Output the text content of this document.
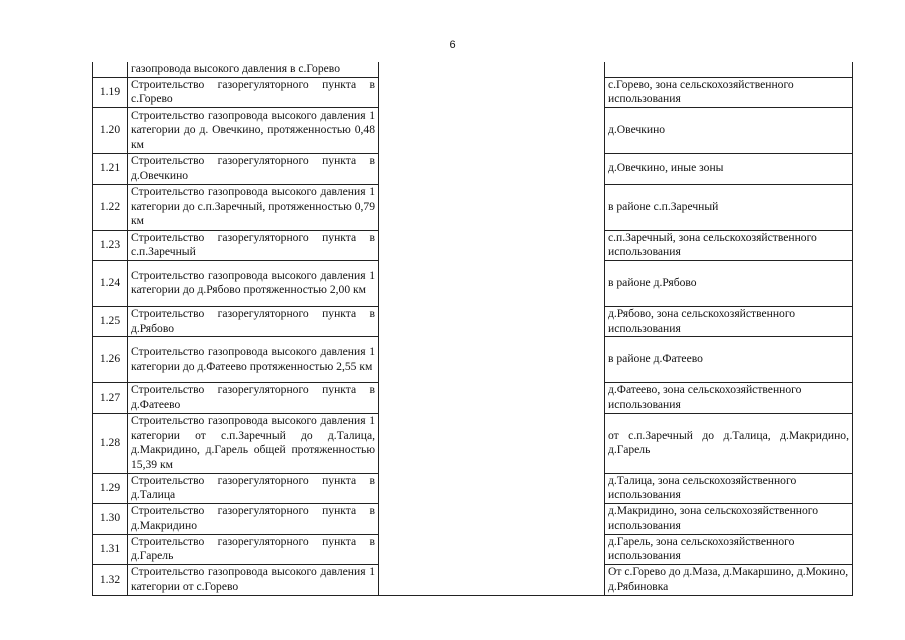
6
	газопровода высокого давления в с.Горево		
1.19	Строительство газорегуляторного пункта в с.Горево		с.Горево, зона сельскохозяйственного использования
1.20	Строительство газопровода высокого давления 1 категории до д. Овечкино, протяженностью 0,48 км		д.Овечкино
1.21	Строительство газорегуляторного пункта в д.Овечкино		д.Овечкино, иные зоны
1.22	Строительство газопровода высокого давления 1 категории до с.п.Заречный, протяженностью 0,79 км		в районе с.п.Заречный
1.23	Строительство газорегуляторного пункта в с.п.Заречный		с.п.Заречный, зона сельскохозяйственного использования
1.24	Строительство газопровода высокого давления 1 категории до д.Рябово протяженностью 2,00 км		в районе д.Рябово
1.25	Строительство газорегуляторного пункта в д.Рябово		д.Рябово, зона сельскохозяйственного использования
1.26	Строительство газопровода высокого давления 1 категории до д.Фатеево протяженностью 2,55 км		в районе д.Фатеево
1.27	Строительство газорегуляторного пункта в д.Фатеево		д.Фатеево, зона сельскохозяйственного использования
1.28	Строительство газопровода высокого давления 1 категории от с.п.Заречный до д.Талица, д.Макридино, д.Гарель общей протяженностью 15,39 км		от с.п.Заречный до д.Талица, д.Макридино, д.Гарель
1.29	Строительство газорегуляторного пункта в д.Талица		д.Талица, зона сельскохозяйственного использования
1.30	Строительство газорегуляторного пункта в д.Макридино		д.Макридино, зона сельскохозяйственного использования
1.31	Строительство газорегуляторного пункта в д.Гарель		д.Гарель, зона сельскохозяйственного использования
1.32	Строительство газопровода высокого давления 1 категории от с.Горево		От с.Горево до д.Маза, д.Макаршино, д.Мокино, д.Рябиновка
